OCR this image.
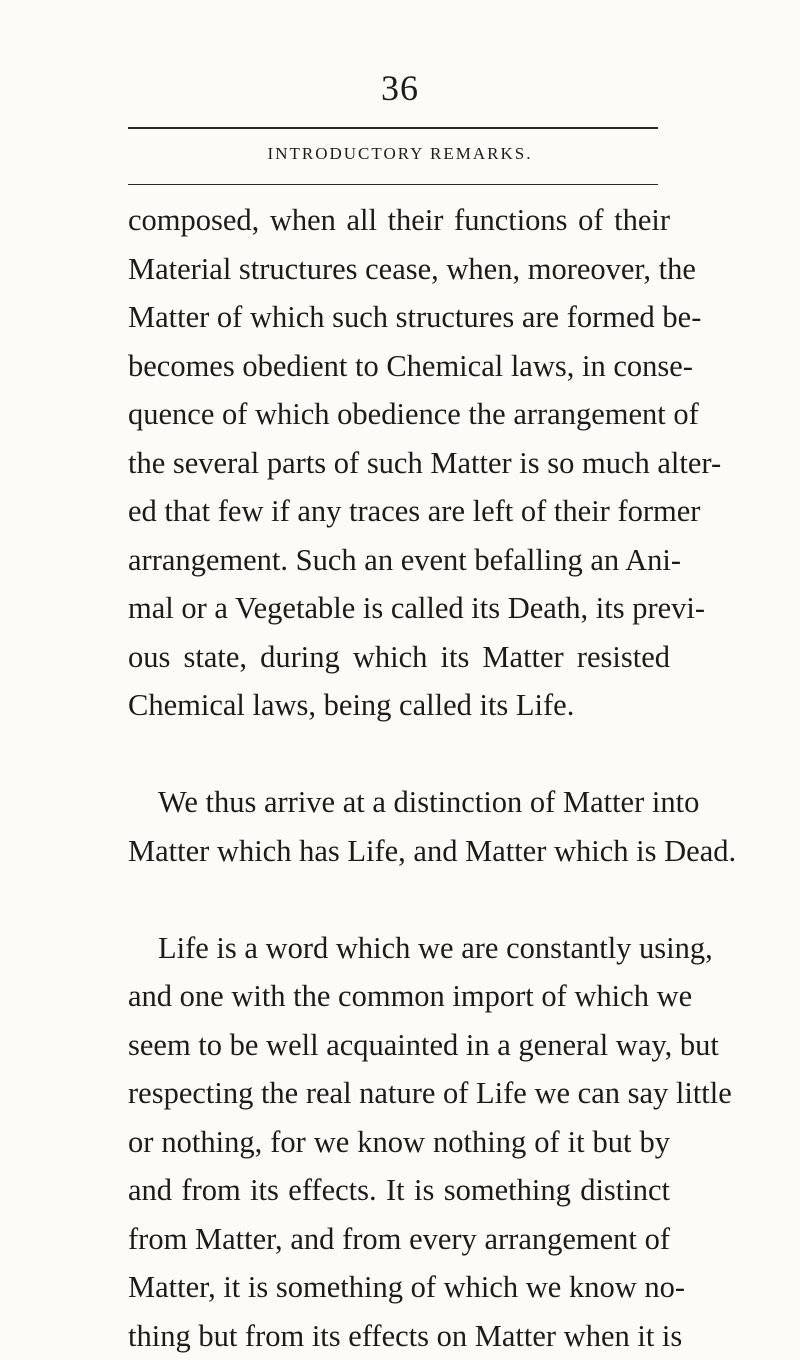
36
INTRODUCTORY REMARKS.
composed, when all their functions of their
Material structures cease, when, moreover, the
Matter of which such structures are formed be-
becomes obedient to Chemical laws, in conse-
quence of which obedience the arrangement of
the several parts of such Matter is so much alter-
ed that few if any traces are left of their former
arrangement. Such an event befalling an Ani-
mal or a Vegetable is called its Death, its previ-
ous state, during which its Matter resisted
Chemical laws, being called its Life.
We thus arrive at a distinction of Matter into
Matter which has Life, and Matter which is Dead.
Life is a word which we are constantly using,
and one with the common import of which we
seem to be well acquainted in a general way, but
respecting the real nature of Life we can say little
or nothing, for we know nothing of it but by
and from its effects. It is something distinct
from Matter, and from every arrangement of
Matter, it is something of which we know no-
thing but from its effects on Matter when it is
